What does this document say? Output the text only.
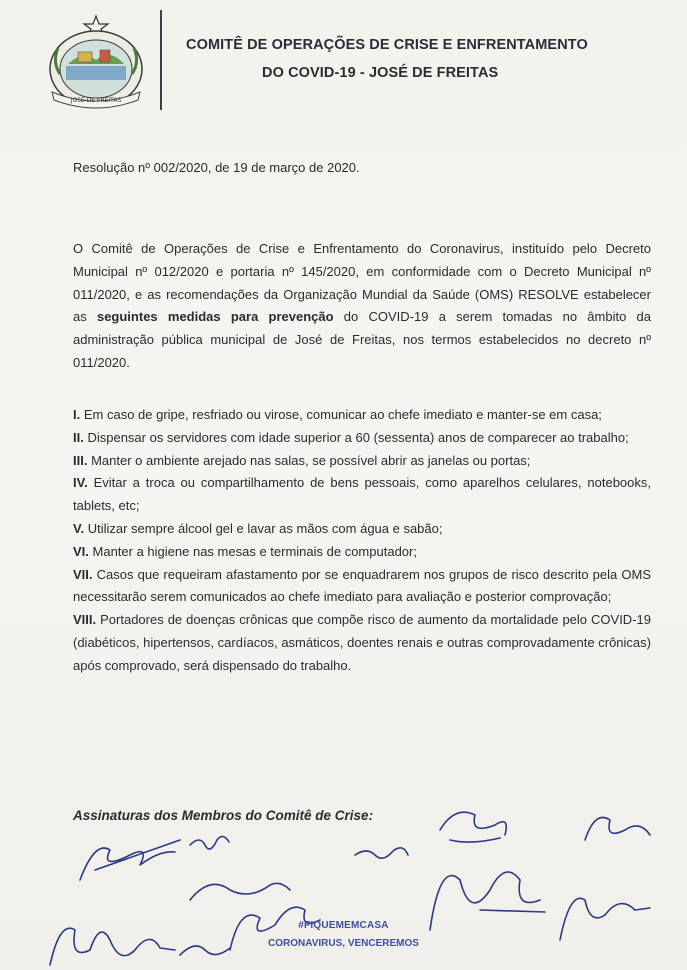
JOSÉ DE FREITAS
COMITÊ DE OPERAÇÕES DE CRISE E ENFRENTAMENTO
DO COVID-19 - JOSÉ DE FREITAS
Resolução nº 002/2020, de 19 de março de 2020.

O Comitê de Operações de Crise e Enfrentamento do Coronavirus, instituído pelo Decreto Municipal nº 012/2020 e portaria nº 145/2020, em conformidade com o Decreto Municipal nº 011/2020, e as recomendações da Organização Mundial da Saúde (OMS) RESOLVE estabelecer as seguintes medidas para prevenção do COVID-19 a serem tomadas no âmbito da administração pública municipal de José de Freitas, nos termos estabelecidos no decreto nº 011/2020.

I. Em caso de gripe, resfriado ou virose, comunicar ao chefe imediato e manter-se em casa;

II. Dispensar os servidores com idade superior a 60 (sessenta) anos de comparecer ao trabalho;

III. Manter o ambiente arejado nas salas, se possível abrir as janelas ou portas;

IV. Evitar a troca ou compartilhamento de bens pessoais, como aparelhos celulares, notebooks, tablets, etc;

V. Utilizar sempre álcool gel e lavar as mãos com água e sabão;

VI. Manter a higiene nas mesas e terminais de computador;

VII. Casos que requeiram afastamento por se enquadrarem nos grupos de risco descrito pela OMS necessitarão serem comunicados ao chefe imediato para avaliação e posterior comprovação;

VIII. Portadores de doenças crônicas que compõe risco de aumento da mortalidade pelo COVID-19 (diabéticos, hipertensos, cardíacos, asmáticos, doentes renais e outras comprovadamente crônicas) após comprovado, será dispensado do trabalho.

Assinaturas dos Membros do Comitê de Crise:
#FIQUEMEMCASA
CORONAVIRUS, VENCEREMOS
